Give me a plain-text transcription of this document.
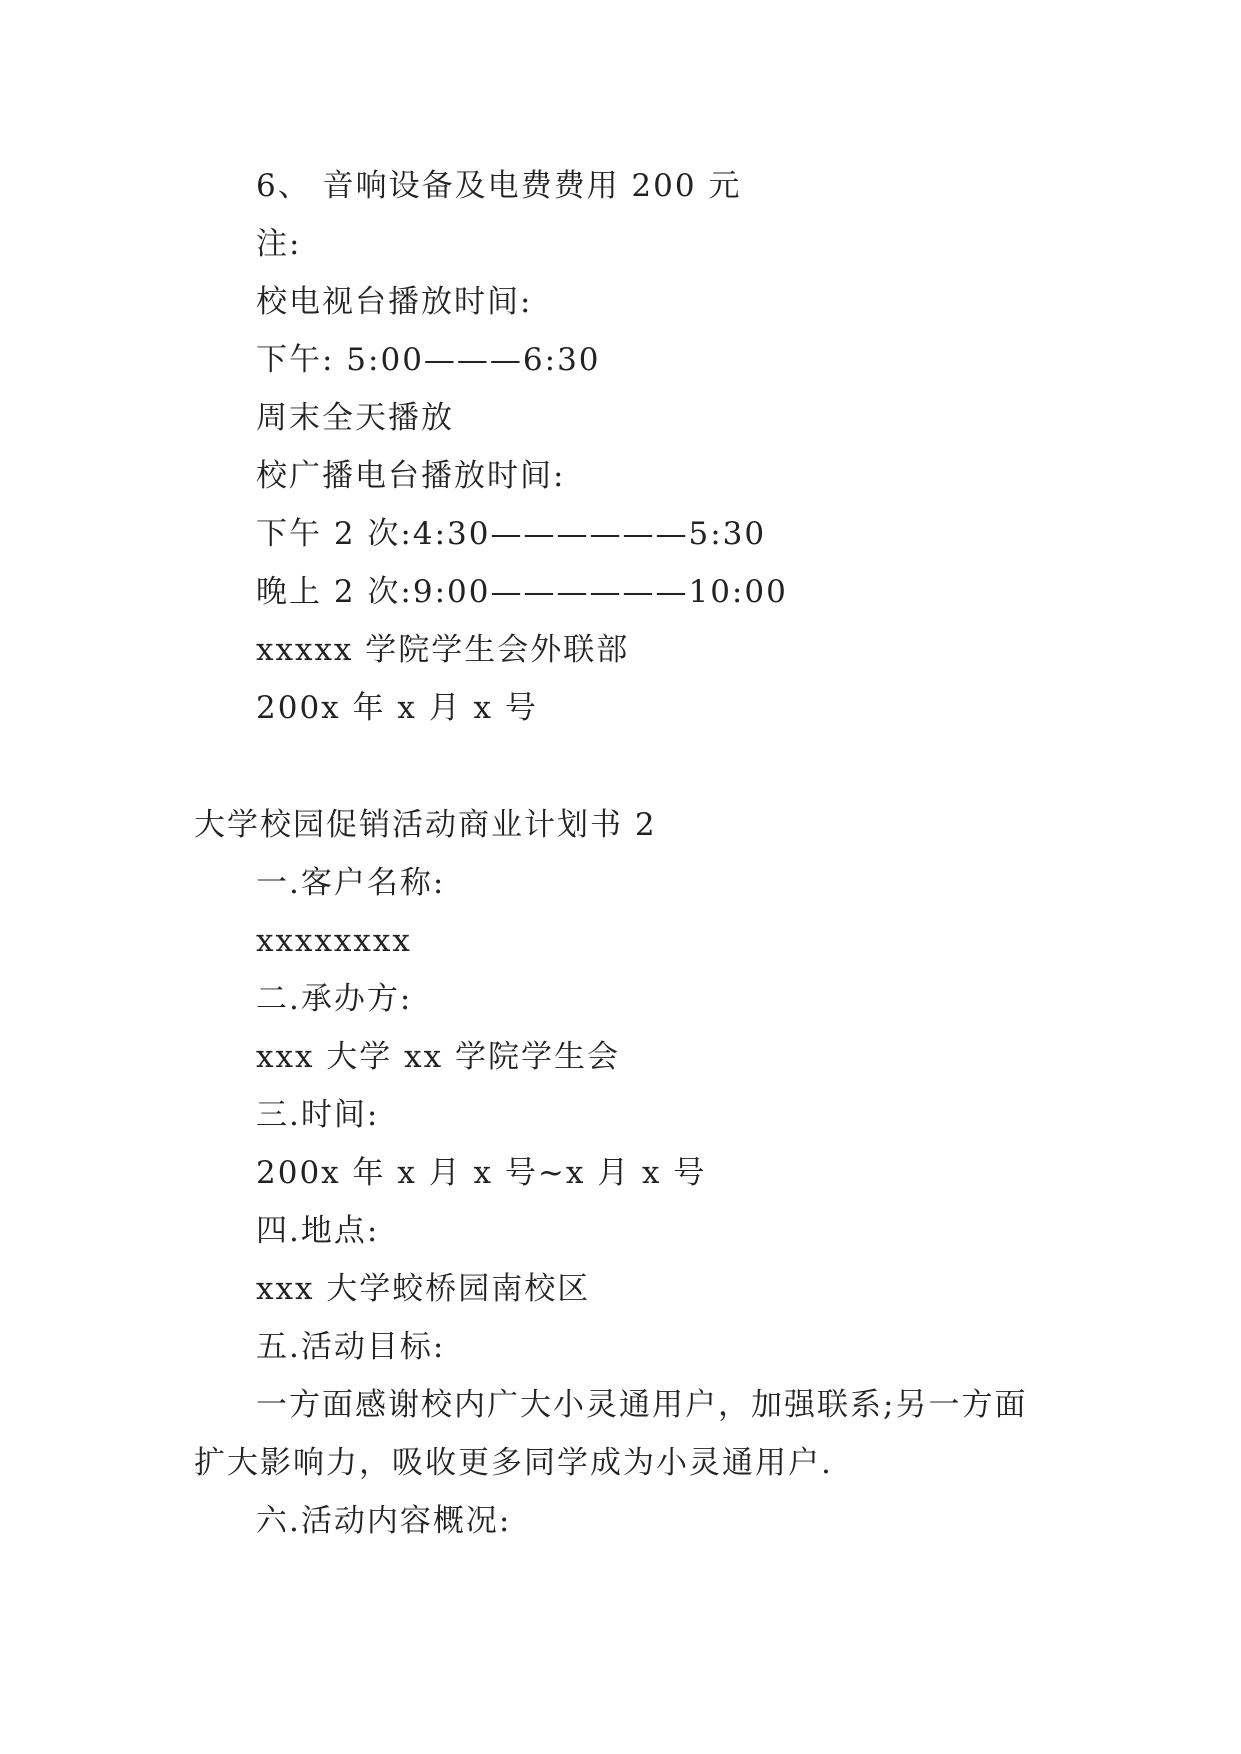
6、 音响设备及电费费用 200 元
注:
校电视台播放时间:
下午: 5:00———6:30
周末全天播放
校广播电台播放时间:
下午 2 次:4:30——————5:30
晚上 2 次:9:00——————10:00
xxxxx 学院学生会外联部
200x 年 x 月 x 号
大学校园促销活动商业计划书 2
一.客户名称:
xxxxxxxx
二.承办方:
xxx 大学 xx 学院学生会
三.时间:
200x 年 x 月 x 号~x 月 x 号
四.地点:
xxx 大学蛟桥园南校区
五.活动目标:
一方面感谢校内广大小灵通用户，加强联系;另一方面
扩大影响力，吸收更多同学成为小灵通用户.
六.活动内容概况:
